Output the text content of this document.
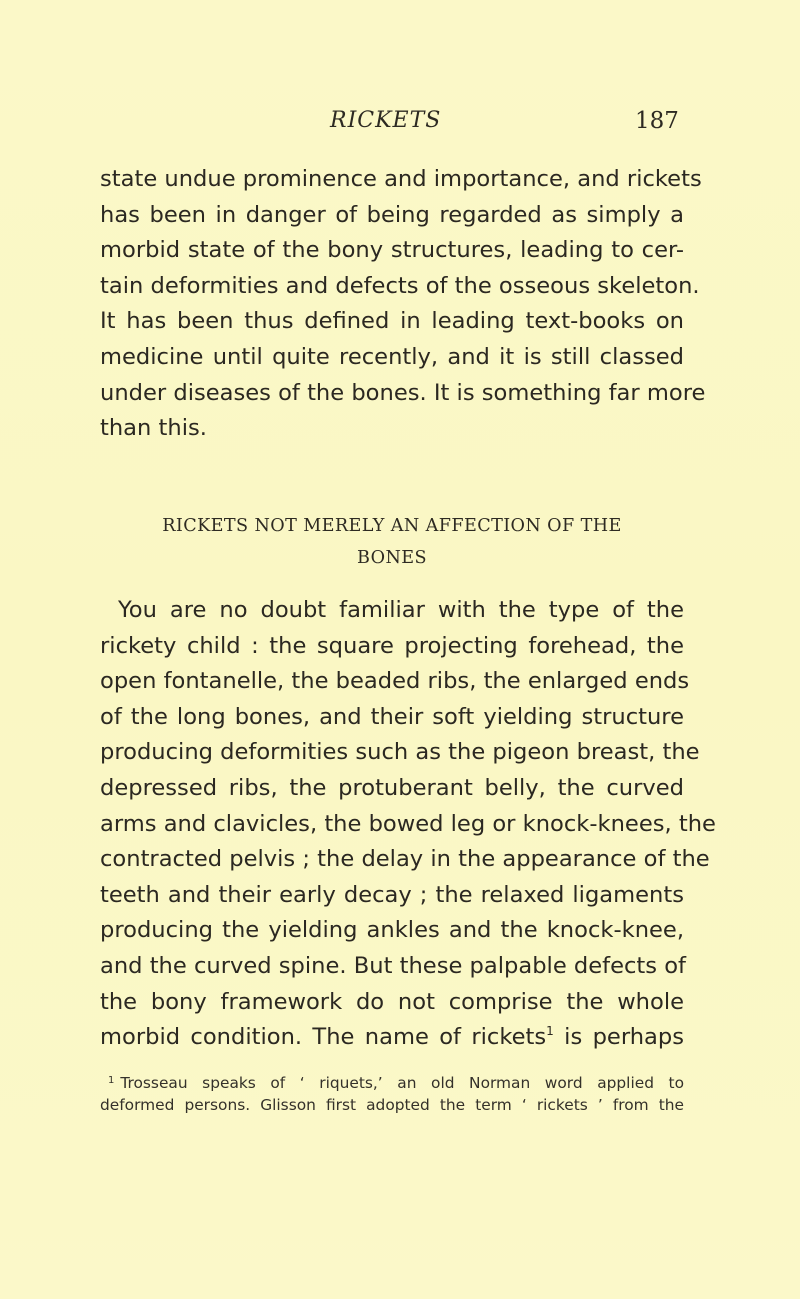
RICKETS	187
state undue prominence and importance, and rickets
has been in danger of being regarded as simply a
morbid state of the bony structures, leading to cer-
tain deformities and defects of the osseous skeleton.
It has been thus defined in leading text-books on
medicine until quite recently, and it is still classed
under diseases of the bones. It is something far more
than this.
RICKETS NOT MERELY AN AFFECTION OF THE
BONES
You are no doubt familiar with the type of the
rickety child : the square projecting forehead, the
open fontanelle, the beaded ribs, the enlarged ends
of the long bones, and their soft yielding structure
producing deformities such as the pigeon breast, the
depressed ribs, the protuberant belly, the curved
arms and clavicles, the bowed leg or knock-knees, the
contracted pelvis ; the delay in the appearance of the
teeth and their early decay ; the relaxed ligaments
producing the yielding ankles and the knock-knee,
and the curved spine. But these palpable defects of
the bony framework do not comprise the whole
morbid condition. The name of rickets$^1$ is perhaps
$^1$ Trosseau speaks of ‘ riquets,’ an old Norman word applied to
deformed persons. Glisson first adopted the term ‘ rickets ’ from the
